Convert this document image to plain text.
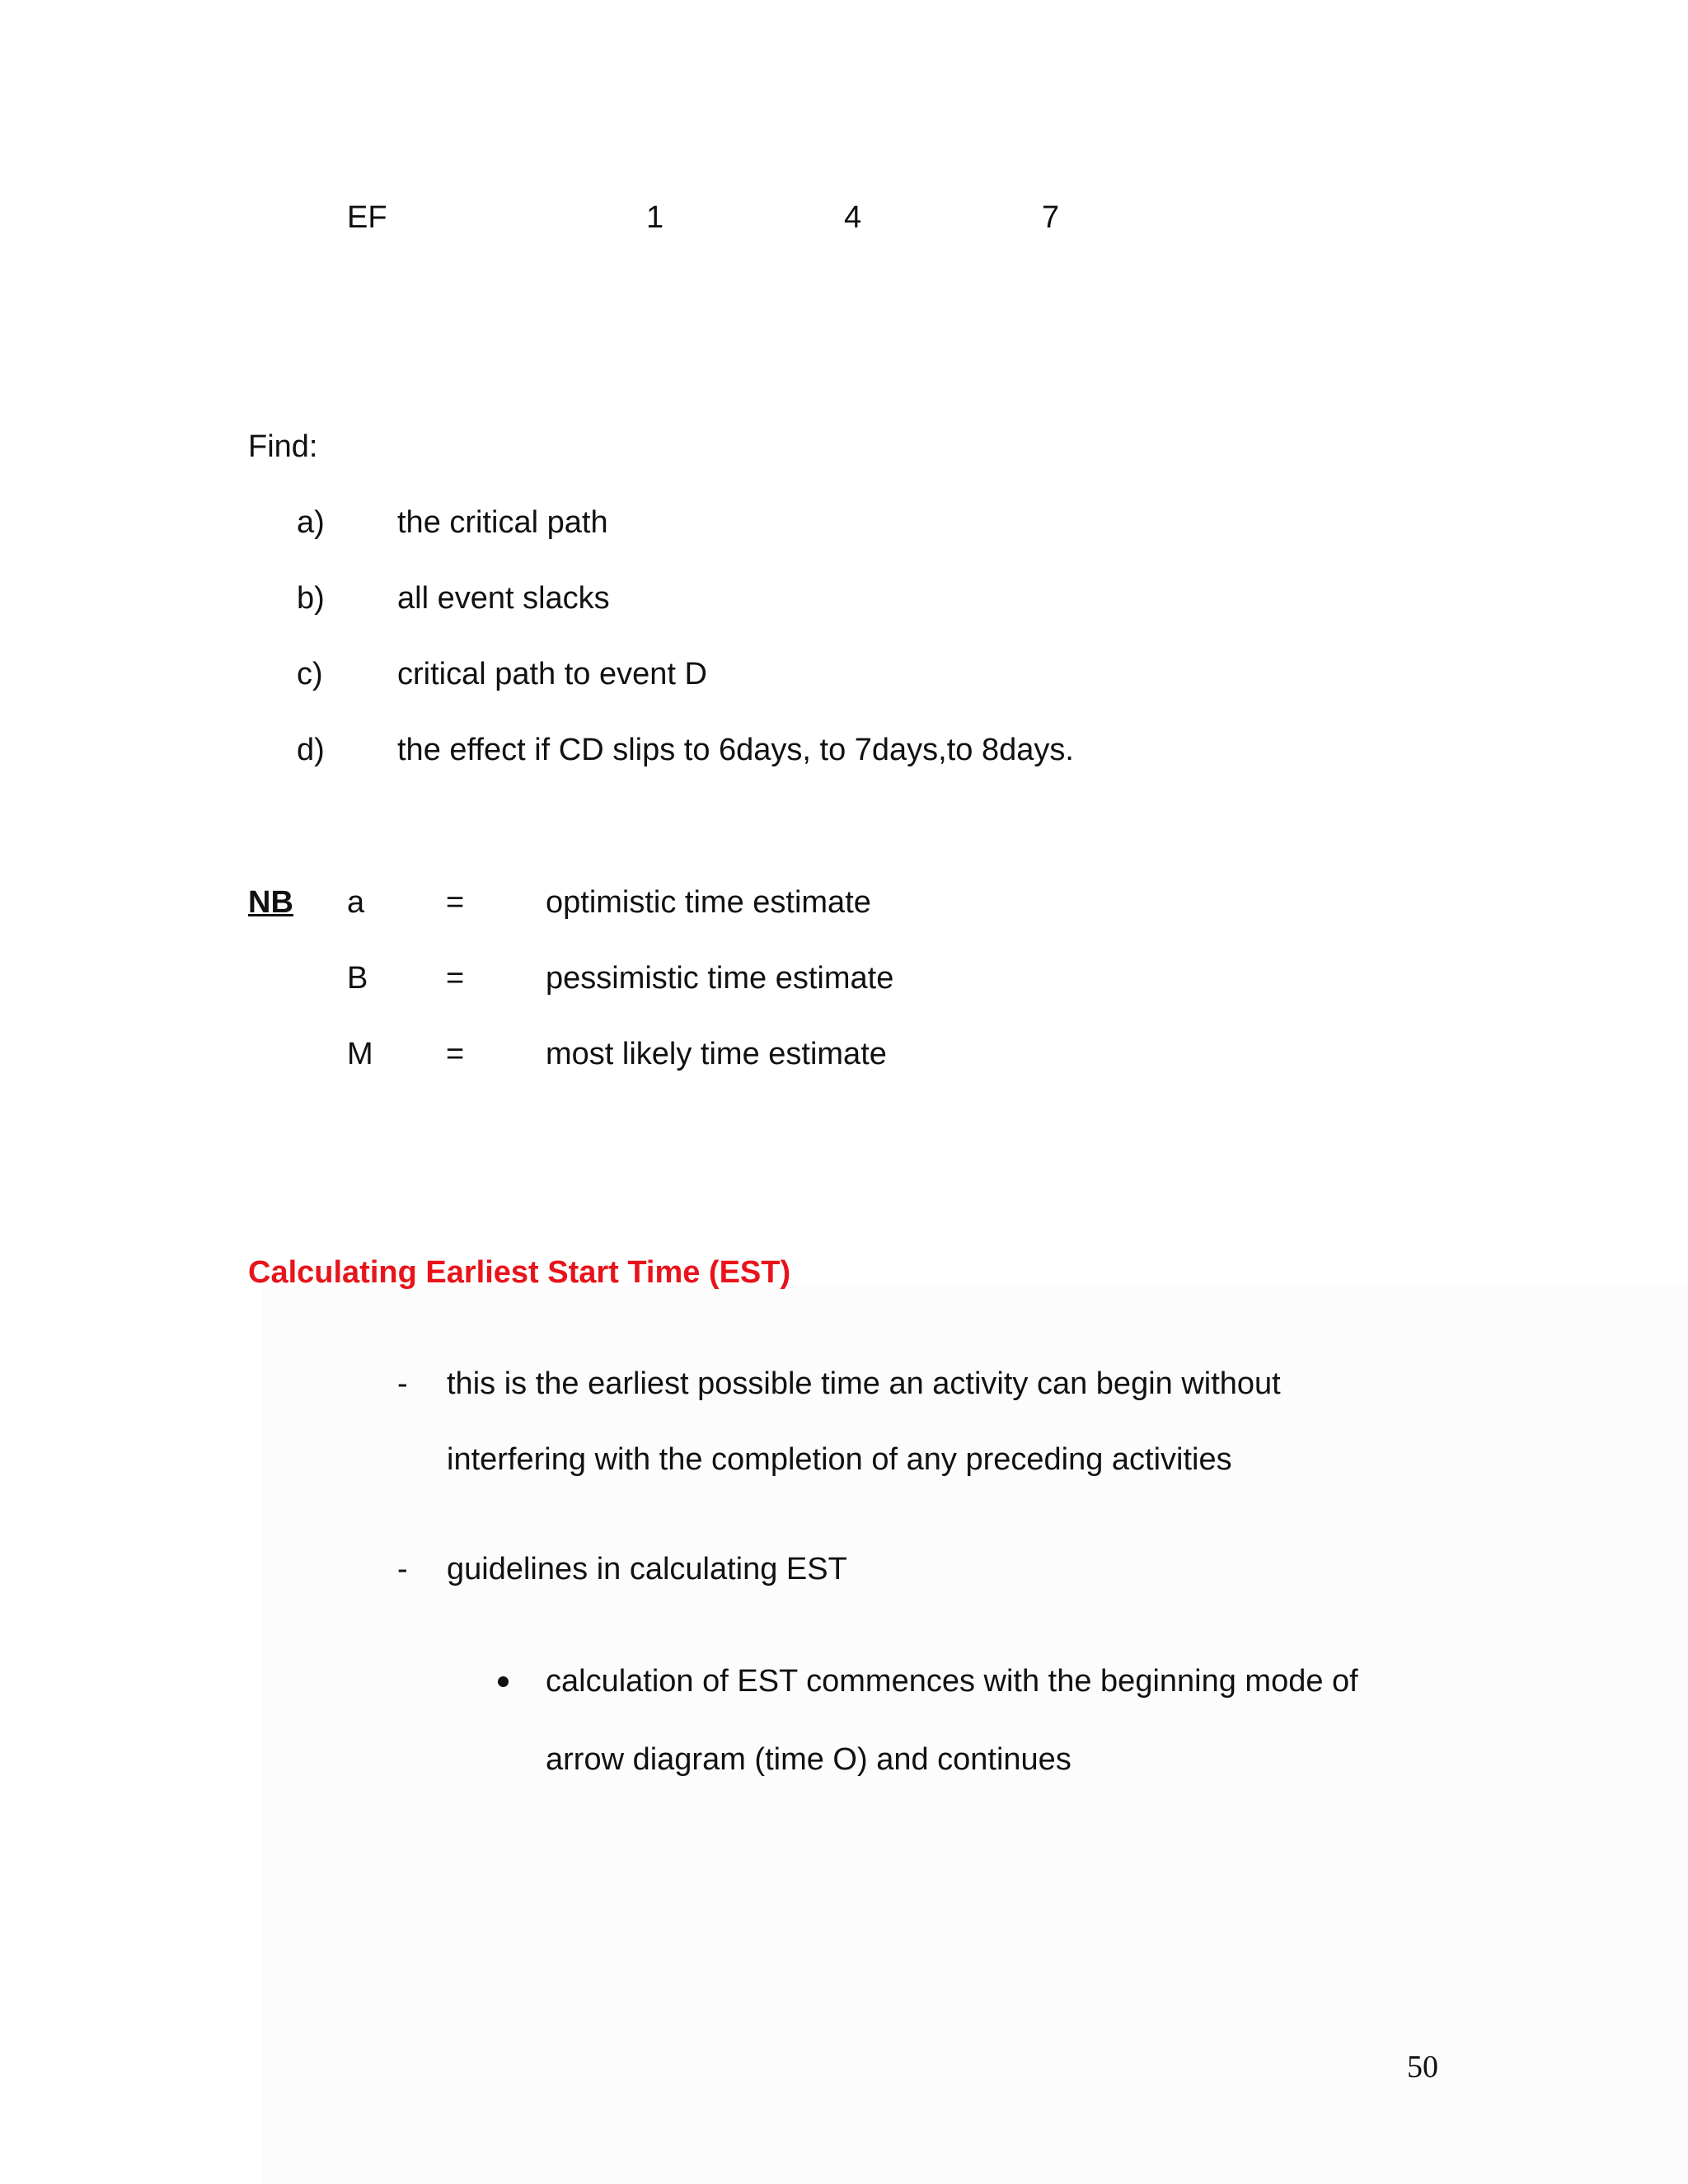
EF	1	4	7
Find:
a) the critical path
b) all event slacks
c) critical path to event D
d) the effect if CD slips to 6days, to 7days,to 8days.
NB a	=	optimistic time estimate
B =	pessimistic time estimate
M =	most likely time estimate
Calculating Earliest Start Time (EST)
- this is the earliest possible time an activity can begin without
interfering with the completion of any preceding activities
- guidelines in calculating EST
calculation of EST commences with the beginning mode of
arrow diagram (time O) and continues
50
